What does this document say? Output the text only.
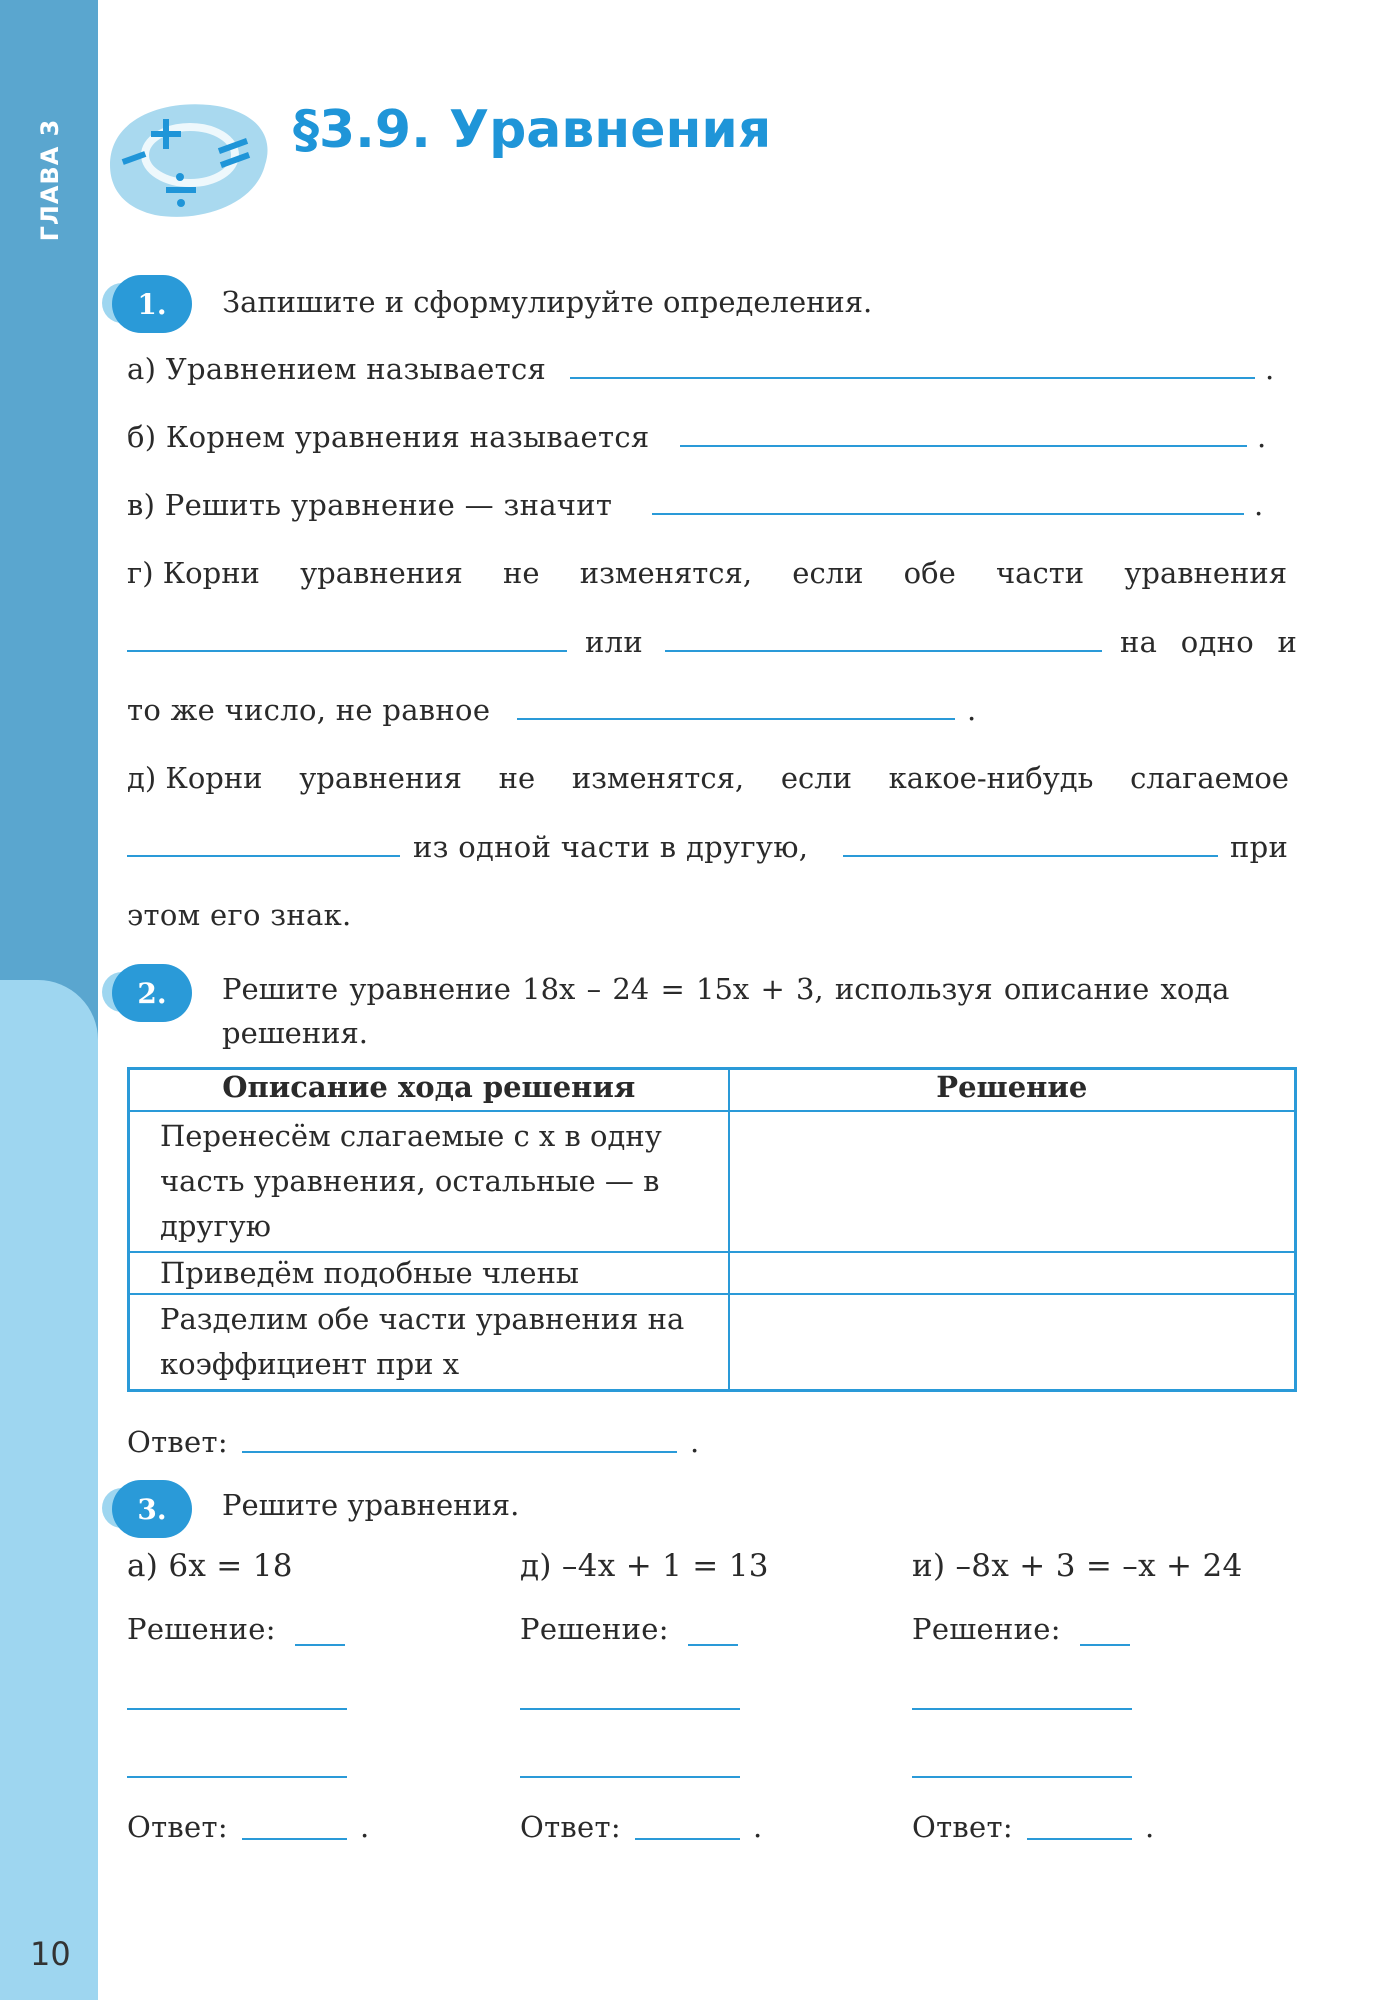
ГЛАВА 3
10
§3.9. Уравнения
1.	Запишите и сформулируйте определения.
а) Уравнением называется	.
б) Корнем уравнения называется	.
в) Решить уравнение — значит	.
г) Корни уравнения не изменятся, если обе части уравнения
или	на одно и
то же число, не равное	.
д) Корни уравнения не изменятся, если какое-нибудь слагаемое
из одной части в другую,	при
этом его знак.
2.	Решите уравнение 18x – 24 = 15x + 3, используя описание хода
решения.
Описание хода решения	Решение
Перенесём слагаемые с x в одну часть уравнения, остальные — в другую	
Приведём подобные члены	
Разделим обе части уравнения на коэффициент при x	
Ответ:	.
3.	Решите уравнения.
а) 6x = 18
Решение:
Ответ:	.
д) –4x + 1 = 13
Решение:
Ответ:	.
и) –8x + 3 = –x + 24
Решение:
Ответ:	.
